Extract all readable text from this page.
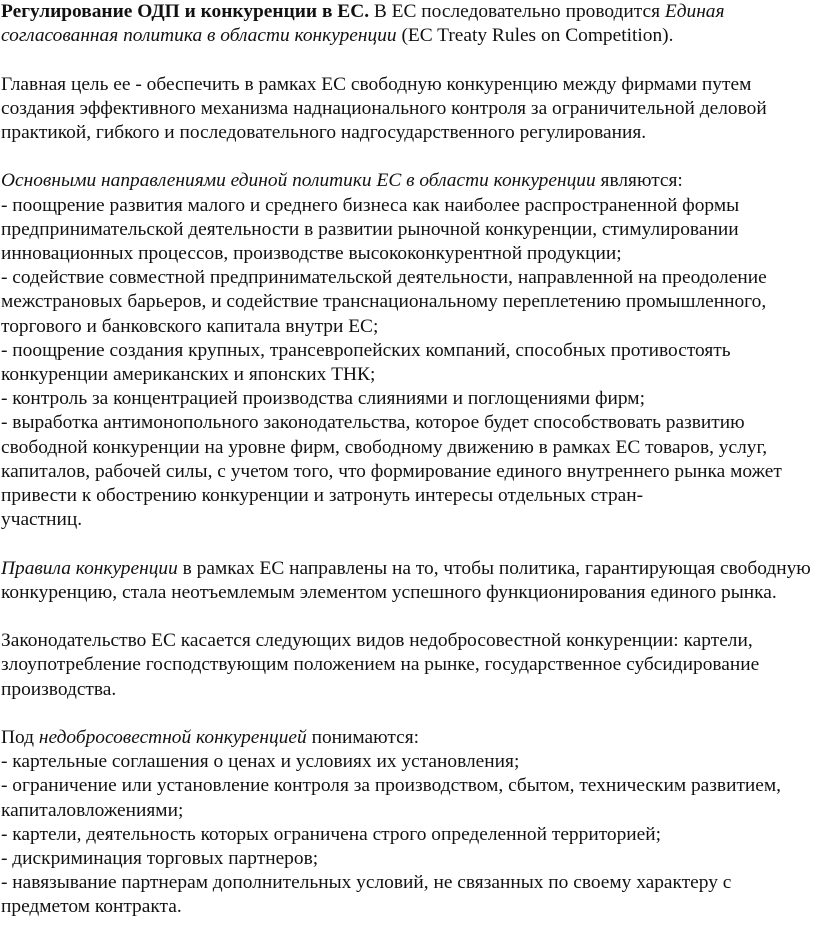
Регулирование ОДП и конкуренции в ЕС. В ЕС последовательно проводится Единая согласованная политика в области конкуренции (EC Treaty Rules on Competition).

Главная цель ее - обеспечить в рамках ЕС свободную конкуренцию между фирмами путем создания эффективного механизма наднационального контроля за ограничительной деловой практикой, гибкого и последовательного надгосударственного регулирования.

Основными направлениями единой политики ЕС в области конкуренции являются:

- поощрение развития малого и среднего бизнеса как наиболее распространенной формы предпринимательской деятельности в развитии рыночной конкуренции, стимулировании инновационных процессов, производстве высококонкурентной продукции;

- содействие совместной предпринимательской деятельности, направленной на преодоление межстрановых барьеров, и содействие транснациональному переплетению промышленного, торгового и банковского капитала внутри ЕС;

- поощрение создания крупных, трансевропейских компаний, способных противостоять конкуренции американских и японских ТНК;

- контроль за концентрацией производства слияниями и поглощениями фирм;

- выработка антимонопольного законодательства, которое будет способствовать развитию свободной конкуренции на уровне фирм, свободному движению в рамках ЕС товаров, услуг, капиталов, рабочей силы, с учетом того, что формирование единого внутреннего рынка может привести к обострению конкуренции и затронуть интересы отдельных стран-
участниц.

Правила конкуренции в рамках ЕС направлены на то, чтобы политика, гарантирующая свободную конкуренцию, стала неотъемлемым элементом успешного функционирования единого рынка.

Законодательство ЕС касается следующих видов недобросовестной конкуренции: картели, злоупотребление господствующим положением на рынке, государственное субсидирование производства.

Под недобросовестной конкуренцией понимаются:

- картельные соглашения о ценах и условиях их установления;

- ограничение или установление контроля за производством, сбытом, техническим развитием, капиталовложениями;

- картели, деятельность которых ограничена строго определенной территорией;

- дискриминация торговых партнеров;

- навязывание партнерам дополнительных условий, не связанных по своему характеру с предметом контракта.
